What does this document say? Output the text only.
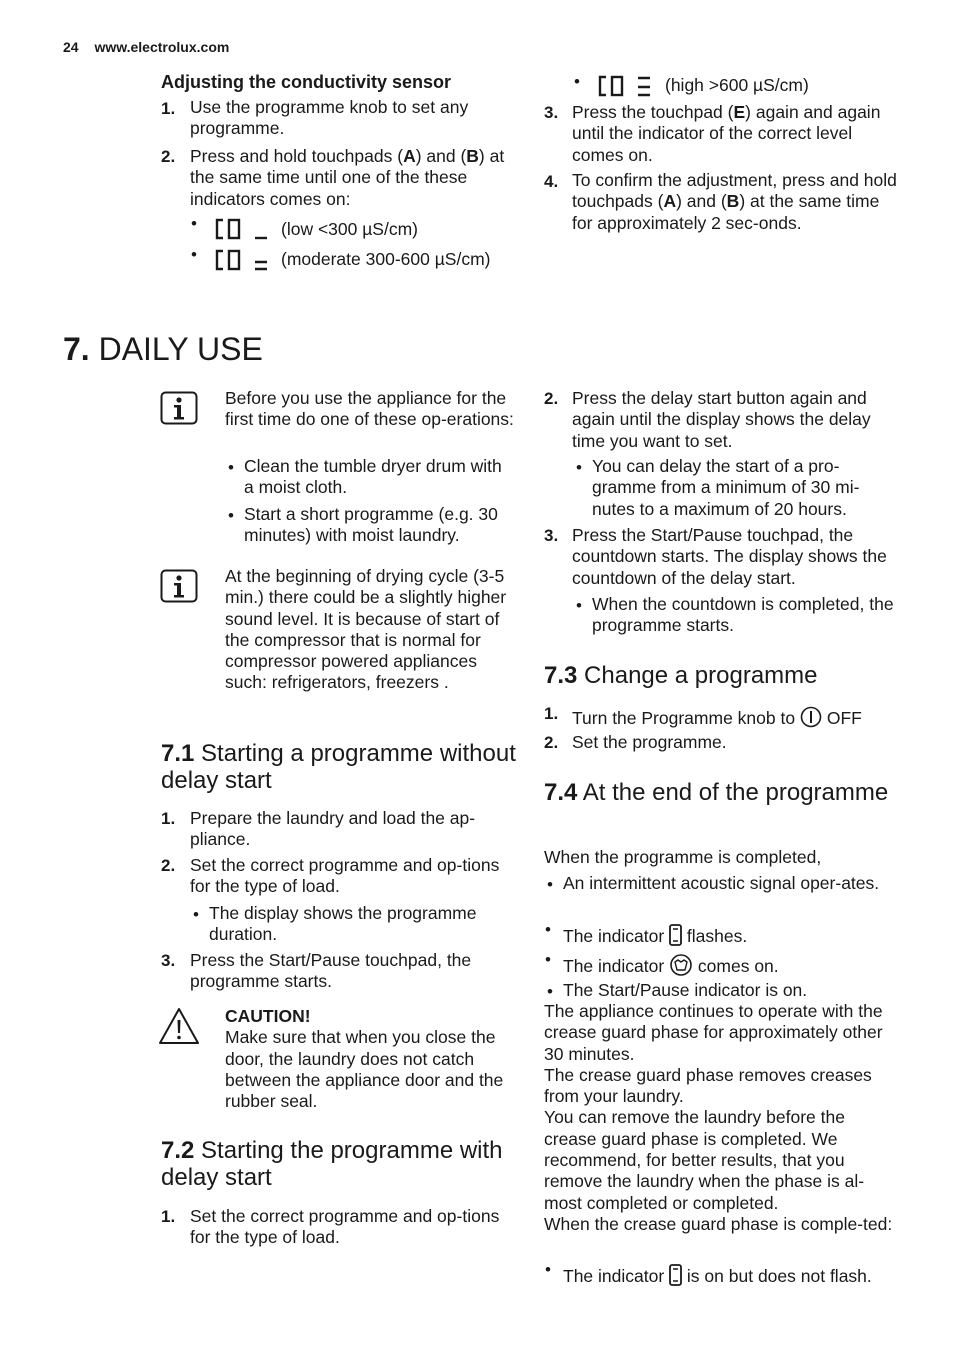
24 www.electrolux.com
Adjusting the conductivity sensor
1. Use the programme knob to set any programme.
2. Press and hold touchpads (A) and (B) at the same time until one of the these indicators comes on:
•	(low <300 µS/cm)
•	(moderate 300-600 µS/cm)
•	(high >600 µS/cm)
3. Press the touchpad (E) again and again until the indicator of the correct level comes on.
4. To confirm the adjustment, press and hold touchpads (A) and (B) at the same time for approximately 2 sec-onds.
7. DAILY USE
Before you use the appliance for the first time do one of these op-erations:
• Clean the tumble dryer drum with a moist cloth.
• Start a short programme (e.g. 30 minutes) with moist laundry.
At the beginning of drying cycle (3-5 min.) there could be a slightly higher sound level. It is because of start of the compressor that is normal for compressor powered appliances such: refrigerators, freezers .
7.1 Starting a programme without delay start
1. Prepare the laundry and load the ap-pliance.
2. Set the correct programme and op-tions for the type of load.
• The display shows the programme duration.
3. Press the Start/Pause touchpad, the programme starts.
CAUTION!
Make sure that when you close the door, the laundry does not catch between the appliance door and the rubber seal.
7.2 Starting the programme with delay start
1. Set the correct programme and op-tions for the type of load.
2. Press the delay start button again and again until the display shows the delay time you want to set.
• You can delay the start of a pro-gramme from a minimum of 30 mi-nutes to a maximum of 20 hours.
3. Press the Start/Pause touchpad, the countdown starts. The display shows the countdown of the delay start.
• When the countdown is completed, the programme starts.
7.3 Change a programme
1. Turn the Programme knob to OFF
2. Set the programme.
7.4 At the end of the programme
When the programme is completed,
• An intermittent acoustic signal oper-ates.
• The indicator flashes.
• The indicator comes on.
• The Start/Pause indicator is on.
The appliance continues to operate with the crease guard phase for approximately other 30 minutes.
The crease guard phase removes creases from your laundry.
You can remove the laundry before the crease guard phase is completed. We recommend, for better results, that you remove the laundry when the phase is al-most completed or completed.
When the crease guard phase is comple-ted:
• The indicator is on but does not flash.
